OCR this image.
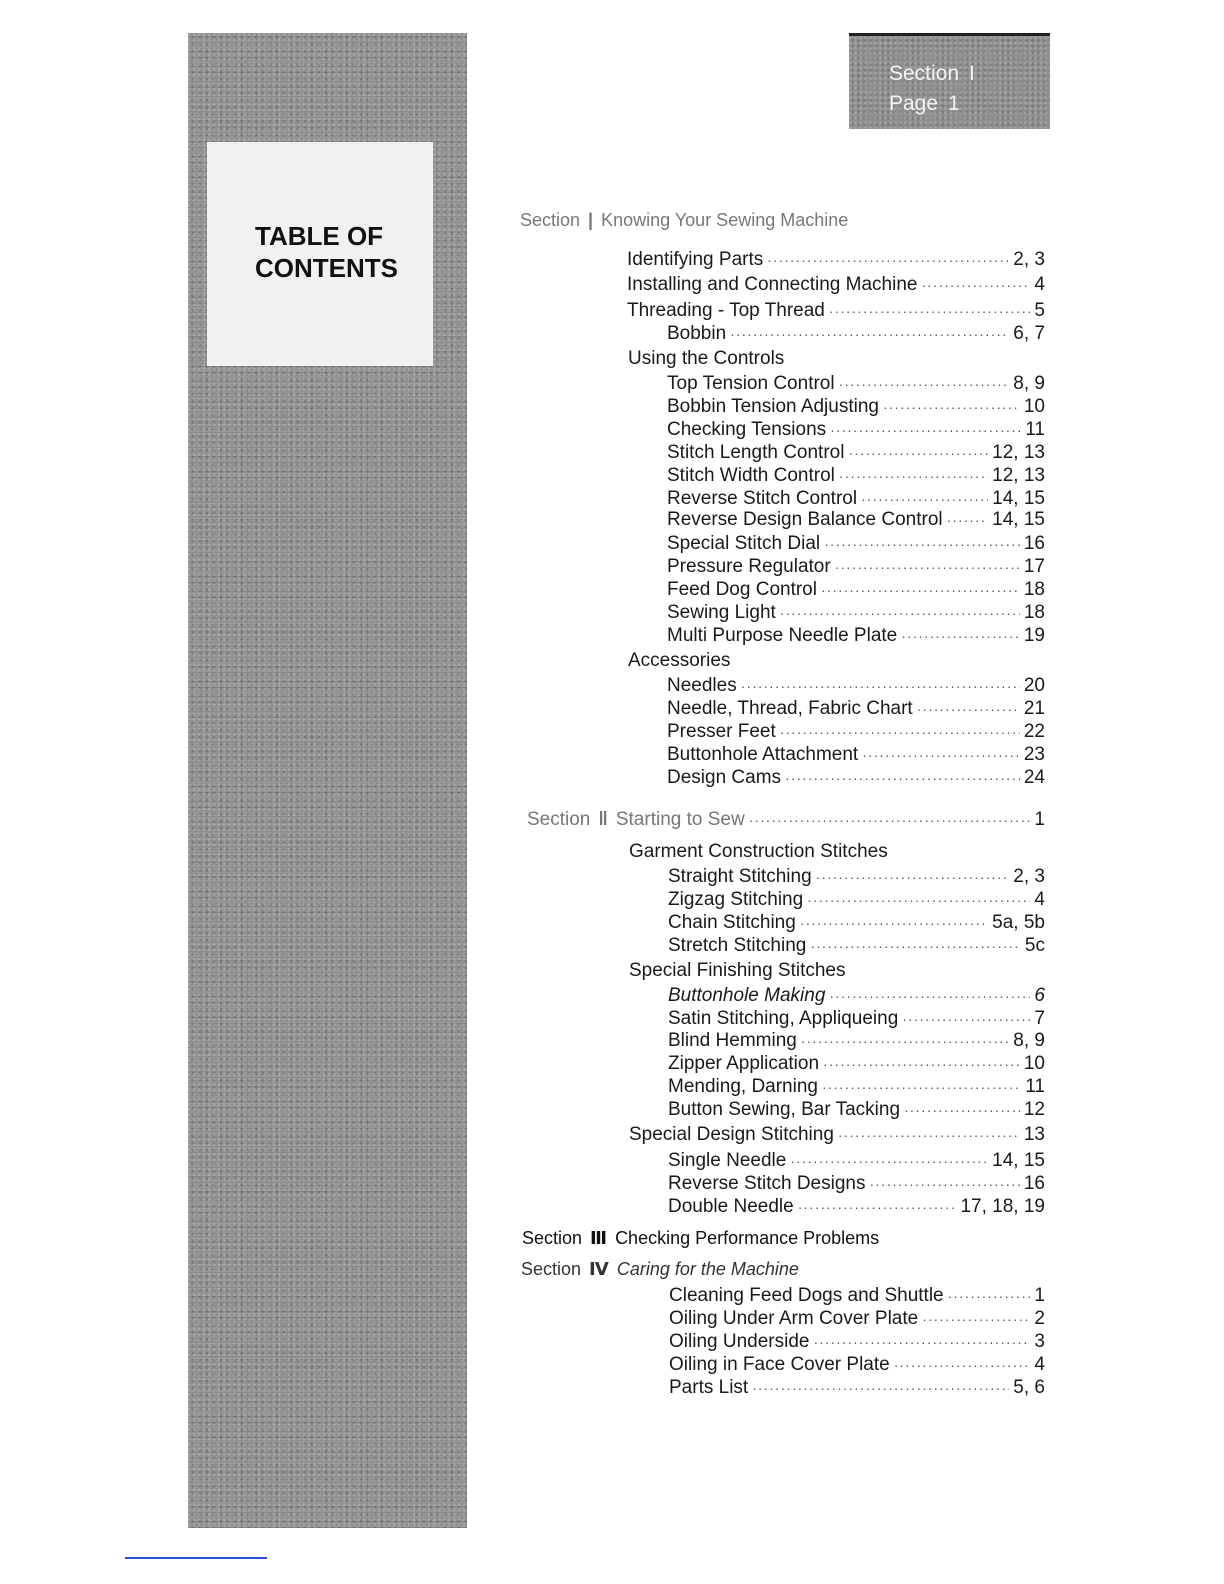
TABLE OF
CONTENTS

Section I

Page 1

Section | Knowing Your Sewing Machine
Identifying Parts ·····	2, 3
Installing and Connecting Machine ·····	4
Threading - Top Thread ·····	5
Bobbin ·····	6, 7
Using the Controls
Top Tension Control ·····	8, 9
Bobbin Tension Adjusting ·····	10
Checking Tensions ·····	11
Stitch Length Control ·····	12, 13
Stitch Width Control ·····	12, 13
Reverse Stitch Control ·····	14, 15
Reverse Design Balance Control ·····	14, 15
Special Stitch Dial ·····	16
Pressure Regulator ·····	17
Feed Dog Control ·····	18
Sewing Light ·····	18
Multi Purpose Needle Plate ·····	19
Accessories
Needles ·····	20
Needle, Thread, Fabric Chart ·····	21
Presser Feet ·····	22
Buttonhole Attachment ·····	23
Design Cams ·····	24
Section ‖ Starting to Sew ·····	1
Garment Construction Stitches
Straight Stitching ·····	2, 3
Zigzag Stitching ·····	4
Chain Stitching ·····	5a, 5b
Stretch Stitching ·····	5c
Special Finishing Stitches
Buttonhole Making ·····	6
Satin Stitching, Appliqueing ·····	7
Blind Hemming ·····	8, 9
Zipper Application ·····	10
Mending, Darning ·····	11
Button Sewing, Bar Tacking ·····	12
Special Design Stitching ·····	13
Single Needle ·····	14, 15
Reverse Stitch Designs ·····	16
Double Needle ·····	17, 18, 19
Section Ⅲ Checking Performance Problems
Section Ⅳ Caring for the Machine
Cleaning Feed Dogs and Shuttle ·····	1
Oiling Under Arm Cover Plate ·····	2
Oiling Underside ·····	3
Oiling in Face Cover Plate ·····	4
Parts List ·····	5, 6
